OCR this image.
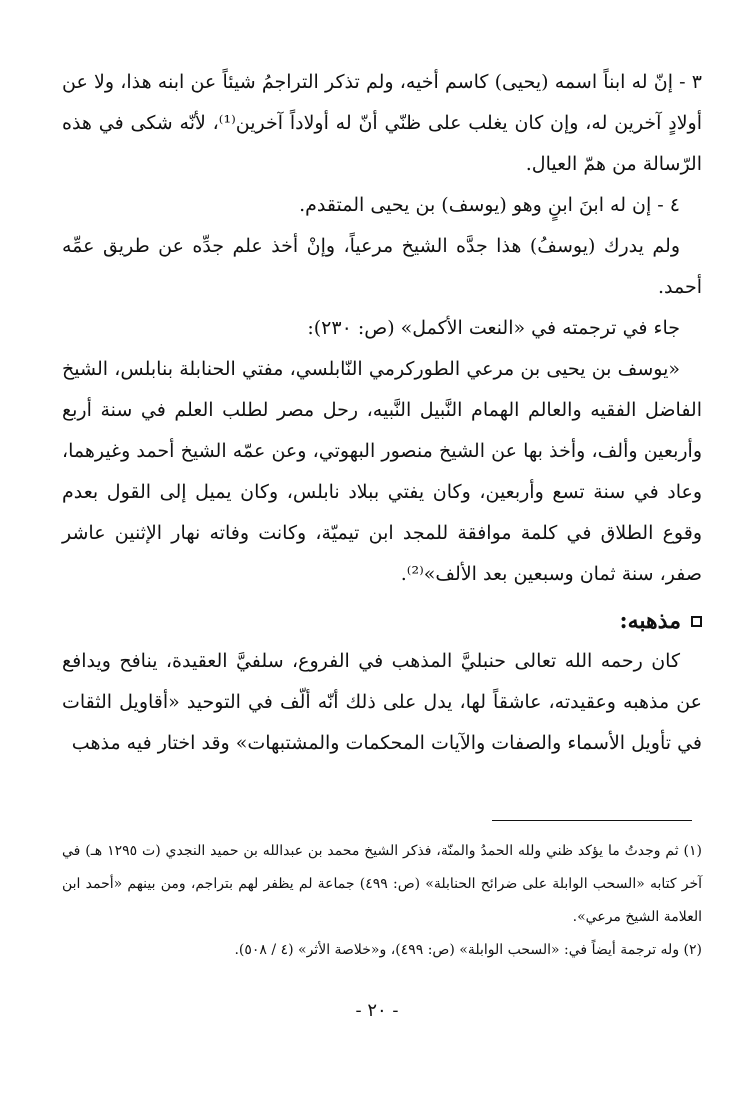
٣ - إنّ له ابناً اسمه (يحيى) كاسم أخيه، ولم تذكر التراجمُ شيئاً عن ابنه هذا، ولا عن أولادٍ آخرين له، وإن كان يغلب على ظنّي أنّ له أولاداً آخرين⁽¹⁾، لأنّه شكى في هذه الرّسالة من همّ العيال.

٤ - إن له ابنَ ابنٍ وهو (يوسف) بن يحيى المتقدم.

ولم يدرك (يوسفُ) هذا جدَّه الشيخ مرعياً، وإنْ أخذ علم جدِّه عن طريق عمِّه أحمد.

جاء في ترجمته في «النعت الأكمل» (ص: ٢٣٠):

«يوسف بن يحيى بن مرعي الطوركرمي النّابلسي، مفتي الحنابلة بنابلس، الشيخ الفاضل الفقيه والعالم الهمام النَّبيل النَّبيه، رحل مصر لطلب العلم في سنة أربع وأربعين وألف، وأخذ بها عن الشيخ منصور البهوتي، وعن عمّه الشيخ أحمد وغيرهما، وعاد في سنة تسع وأربعين، وكان يفتي ببلاد نابلس، وكان يميل إلى القول بعدم وقوع الطلاق في كلمة موافقة للمجد ابن تيميّة، وكانت وفاته نهار الإثنين عاشر صفر، سنة ثمان وسبعين بعد الألف»⁽²⁾.

مذهبه:

كان رحمه الله تعالى حنبليَّ المذهب في الفروع، سلفيَّ العقيدة، ينافح ويدافع عن مذهبه وعقيدته، عاشقاً لها، يدل على ذلك أنّه ألّف في التوحيد «أقاويل الثقات في تأويل الأسماء والصفات والآيات المحكمات والمشتبهات» وقد اختار فيه مذهب

(١) ثم وجدتُ ما يؤكد ظني ولله الحمدُ والمنّة، فذكر الشيخ محمد بن عبدالله بن حميد النجدي (ت ١٢٩٥ هـ) في آخر كتابه «السحب الوابلة على ضرائح الحنابلة» (ص: ٤٩٩) جماعة لم يظفر لهم بتراجم، ومن بينهم «أحمد ابن العلامة الشيخ مرعي».

(٢) وله ترجمة أيضاً في: «السحب الوابلة» (ص: ٤٩٩)، و«خلاصة الأثر» (٤ / ٥٠٨).

- ٢٠ -
